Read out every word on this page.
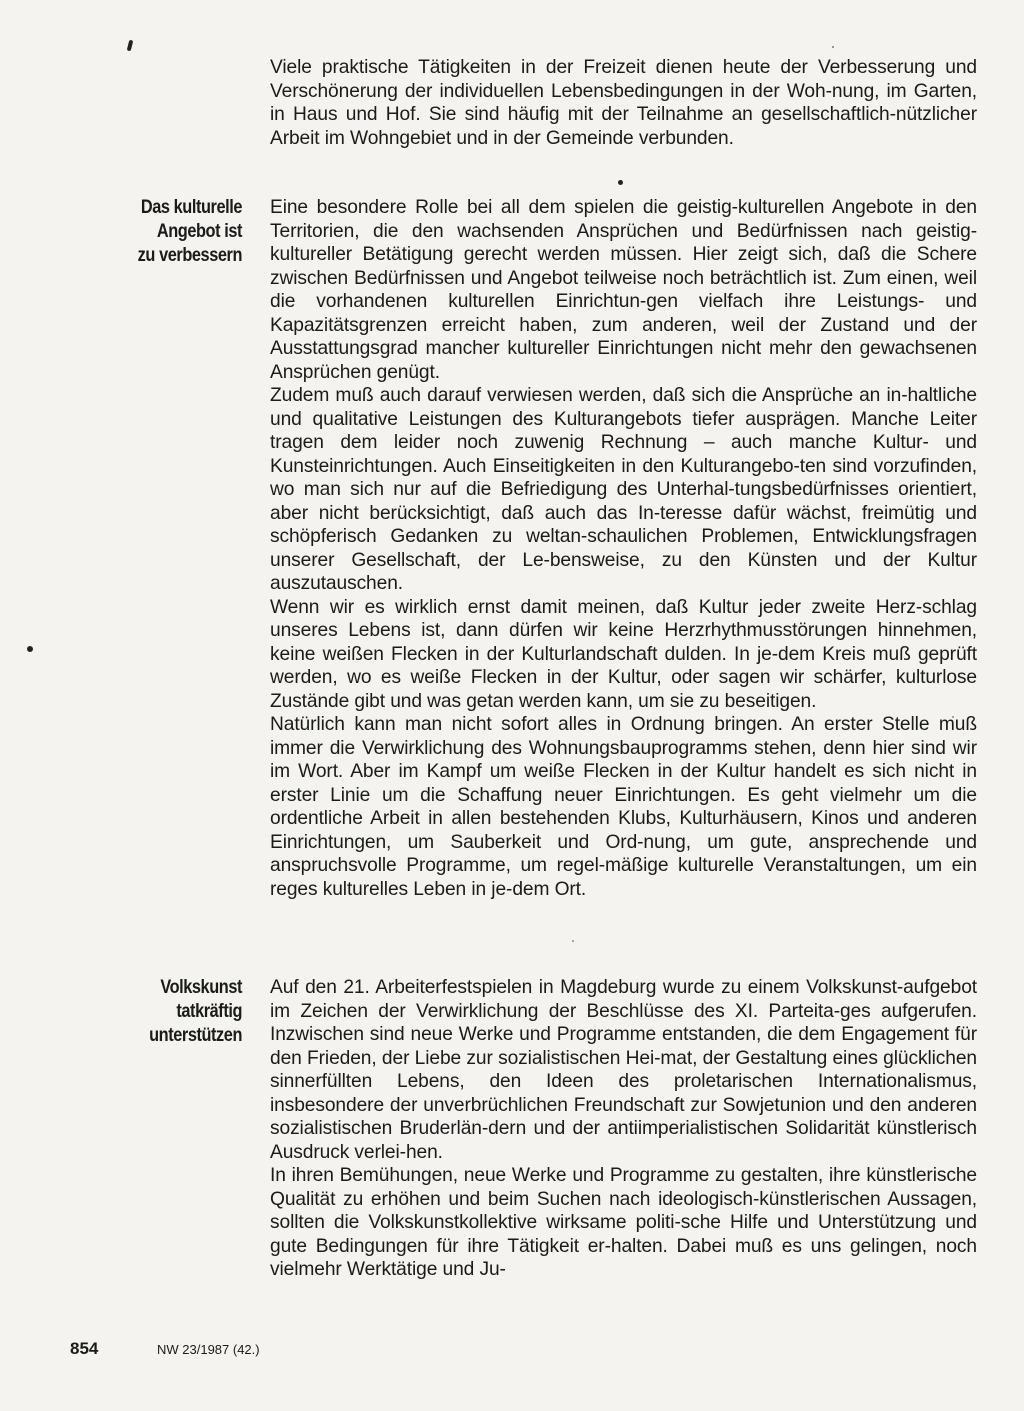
Viele praktische Tätigkeiten in der Freizeit dienen heute der Verbesserung und Verschönerung der individuellen Lebensbedingungen in der Woh-nung, im Garten, in Haus und Hof. Sie sind häufig mit der Teilnahme an gesellschaftlich-nützlicher Arbeit im Wohngebiet und in der Gemeinde verbunden.

Das kulturelle
Angebot ist
zu verbessern

Eine besondere Rolle bei all dem spielen die geistig-kulturellen Angebote in den Territorien, die den wachsenden Ansprüchen und Bedürfnissen nach geistig-kultureller Betätigung gerecht werden müssen. Hier zeigt sich, daß die Schere zwischen Bedürfnissen und Angebot teilweise noch beträchtlich ist. Zum einen, weil die vorhandenen kulturellen Einrichtun-gen vielfach ihre Leistungs- und Kapazitätsgrenzen erreicht haben, zum anderen, weil der Zustand und der Ausstattungsgrad mancher kultureller Einrichtungen nicht mehr den gewachsenen Ansprüchen genügt.

Zudem muß auch darauf verwiesen werden, daß sich die Ansprüche an in-haltliche und qualitative Leistungen des Kulturangebots tiefer ausprägen. Manche Leiter tragen dem leider noch zuwenig Rechnung – auch manche Kultur- und Kunsteinrichtungen. Auch Einseitigkeiten in den Kulturangebo-ten sind vorzufinden, wo man sich nur auf die Befriedigung des Unterhal-tungsbedürfnisses orientiert, aber nicht berücksichtigt, daß auch das In-teresse dafür wächst, freimütig und schöpferisch Gedanken zu weltan-schaulichen Problemen, Entwicklungsfragen unserer Gesellschaft, der Le-bensweise, zu den Künsten und der Kultur auszutauschen.

Wenn wir es wirklich ernst damit meinen, daß Kultur jeder zweite Herz-schlag unseres Lebens ist, dann dürfen wir keine Herzrhythmusstörungen hinnehmen, keine weißen Flecken in der Kulturlandschaft dulden. In je-dem Kreis muß geprüft werden, wo es weiße Flecken in der Kultur, oder sagen wir schärfer, kulturlose Zustände gibt und was getan werden kann, um sie zu beseitigen.

Natürlich kann man nicht sofort alles in Ordnung bringen. An erster Stelle muß immer die Verwirklichung des Wohnungsbauprogramms stehen, denn hier sind wir im Wort. Aber im Kampf um weiße Flecken in der Kultur handelt es sich nicht in erster Linie um die Schaffung neuer Einrichtungen. Es geht vielmehr um die ordentliche Arbeit in allen bestehenden Klubs, Kulturhäusern, Kinos und anderen Einrichtungen, um Sauberkeit und Ord-nung, um gute, ansprechende und anspruchsvolle Programme, um regel-mäßige kulturelle Veranstaltungen, um ein reges kulturelles Leben in je-dem Ort.

Volkskunst
tatkräftig
unterstützen

Auf den 21. Arbeiterfestspielen in Magdeburg wurde zu einem Volkskunst-aufgebot im Zeichen der Verwirklichung der Beschlüsse des XI. Parteita-ges aufgerufen. Inzwischen sind neue Werke und Programme entstanden, die dem Engagement für den Frieden, der Liebe zur sozialistischen Hei-mat, der Gestaltung eines glücklichen sinnerfüllten Lebens, den Ideen des proletarischen Internationalismus, insbesondere der unverbrüchlichen Freundschaft zur Sowjetunion und den anderen sozialistischen Bruderlän-dern und der antiimperialistischen Solidarität künstlerisch Ausdruck verlei-hen.

In ihren Bemühungen, neue Werke und Programme zu gestalten, ihre künstlerische Qualität zu erhöhen und beim Suchen nach ideologisch-künstlerischen Aussagen, sollten die Volkskunstkollektive wirksame politi-sche Hilfe und Unterstützung und gute Bedingungen für ihre Tätigkeit er-halten. Dabei muß es uns gelingen, noch vielmehr Werktätige und Ju-

854	NW 23/1987 (42.)
